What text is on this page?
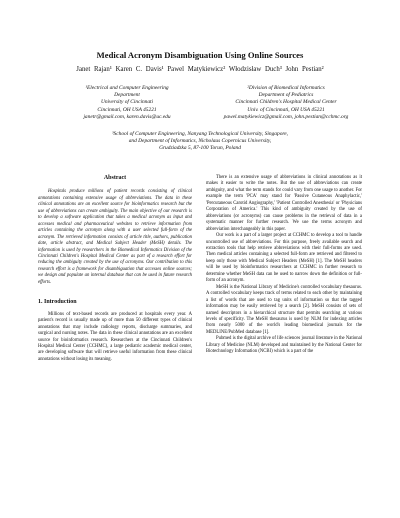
Medical Acronym Disambiguation Using Online Sources
Janet Rajan¹ Karen C. Davis¹ Pawel Matykiewicz² Włodzisław Duch³ John Pestian²
¹Electrical and Computer Engineering
Department
University of Cincinnati
Cincinnati, OH USA 45221
janetr@gmail.com, karen.davis@uc.edu
²Division of Biomedical Informatics
Department of Pediatrics
Cincinnati Children's Hospital Medical Center
Univ. of Cincinnati, OH USA 45221
pawel.matykiewicz@gmail.com, john.pestian@cchmc.org
³School of Computer Engineering, Nanyang Technological University, Singapore,
and Department of Informatics, Nicholaus Copernicus University,
Grudziadzka 5, 87-100 Torun, Poland
Abstract

Hospitals produce millions of patient records consisting of clinical annotations containing extensive usage of abbreviations. The data in these clinical annotations are an excellent source for bioinformatics research but the use of abbreviations can create ambiguity. The main objective of our research is to develop a software application that takes a medical acronym as input and accesses medical and pharmaceutical websites to retrieve information from articles containing the acronym along with a user selected full-form of the acronym. The retrieved information consists of article title, authors, publication date, article abstract, and Medical Subject Header (MeSH) details. The information is used by researchers in the Biomedical Informatics Division of the Cincinnati Children's Hospital Medical Center as part of a research effort for reducing the ambiguity created by the use of acronyms. Our contribution to this research effort is a framework for disambiguation that accesses online sources; we design and populate an internal database that can be used in future research efforts.

1. Introduction

Millions of text-based records are produced at hospitals every year. A patient's record is usually made up of more than 50 different types of clinical annotations that may include radiology reports, discharge summaries, and surgical and nursing notes. The data in these clinical annotations are an excellent source for bioinformatics research. Researchers at the Cincinnati Children's Hospital Medical Center (CCHMC), a large pediatric academic medical center, are developing software that will retrieve useful information from these clinical annotations without losing its meaning.

There is an extensive usage of abbreviations in clinical annotations as it makes it easier to write the notes. But the use of abbreviations can create ambiguity, and what the term stands for could vary from one usage to another. For example the term 'PCA' may stand for 'Passive Cutaneous Anaphylactic,' 'Percutaneous Carotid Angiography,' 'Patient Controlled Anesthesia' or 'Physicians Corporation of America.' This kind of ambiguity created by the use of abbreviations (or acronyms) can cause problems in the retrieval of data in a systematic manner for further research. We use the terms acronym and abbreviation interchangeably in this paper.

Our work is a part of a larger project at CCHMC to develop a tool to handle uncontrolled use of abbreviations. For this purpose, freely available search and extraction tools that help retrieve abbreviations with their full-forms are used. Then medical articles containing a selected full-form are retrieved and filtered to keep only those with Medical Subject Headers (MeSH) [1]. The MeSH headers will be used by bioinformatics researchers at CCHMC in further research to determine whether MeSH data can be used to narrow down the definition or full-form of an acronym.

MeSH is the National Library of Medicine's controlled vocabulary thesaurus. A controlled vocabulary keeps track of terms related to each other by maintaining a list of words that are used to tag units of information so that the tagged information may be easily retrieved by a search [2]. MeSH consists of sets of named descriptors in a hierarchical structure that permits searching at various levels of specificity. The MeSH thesaurus is used by NLM for indexing articles from nearly 5000 of the world's leading biomedical journals for the MEDLINE/PubMed database [1].

Pubmed is the digital archive of life sciences journal literature in the National Library of Medicine (NLM) developed and maintained by the National Center for Biotechnology Information (NCBI) which is a part of the
